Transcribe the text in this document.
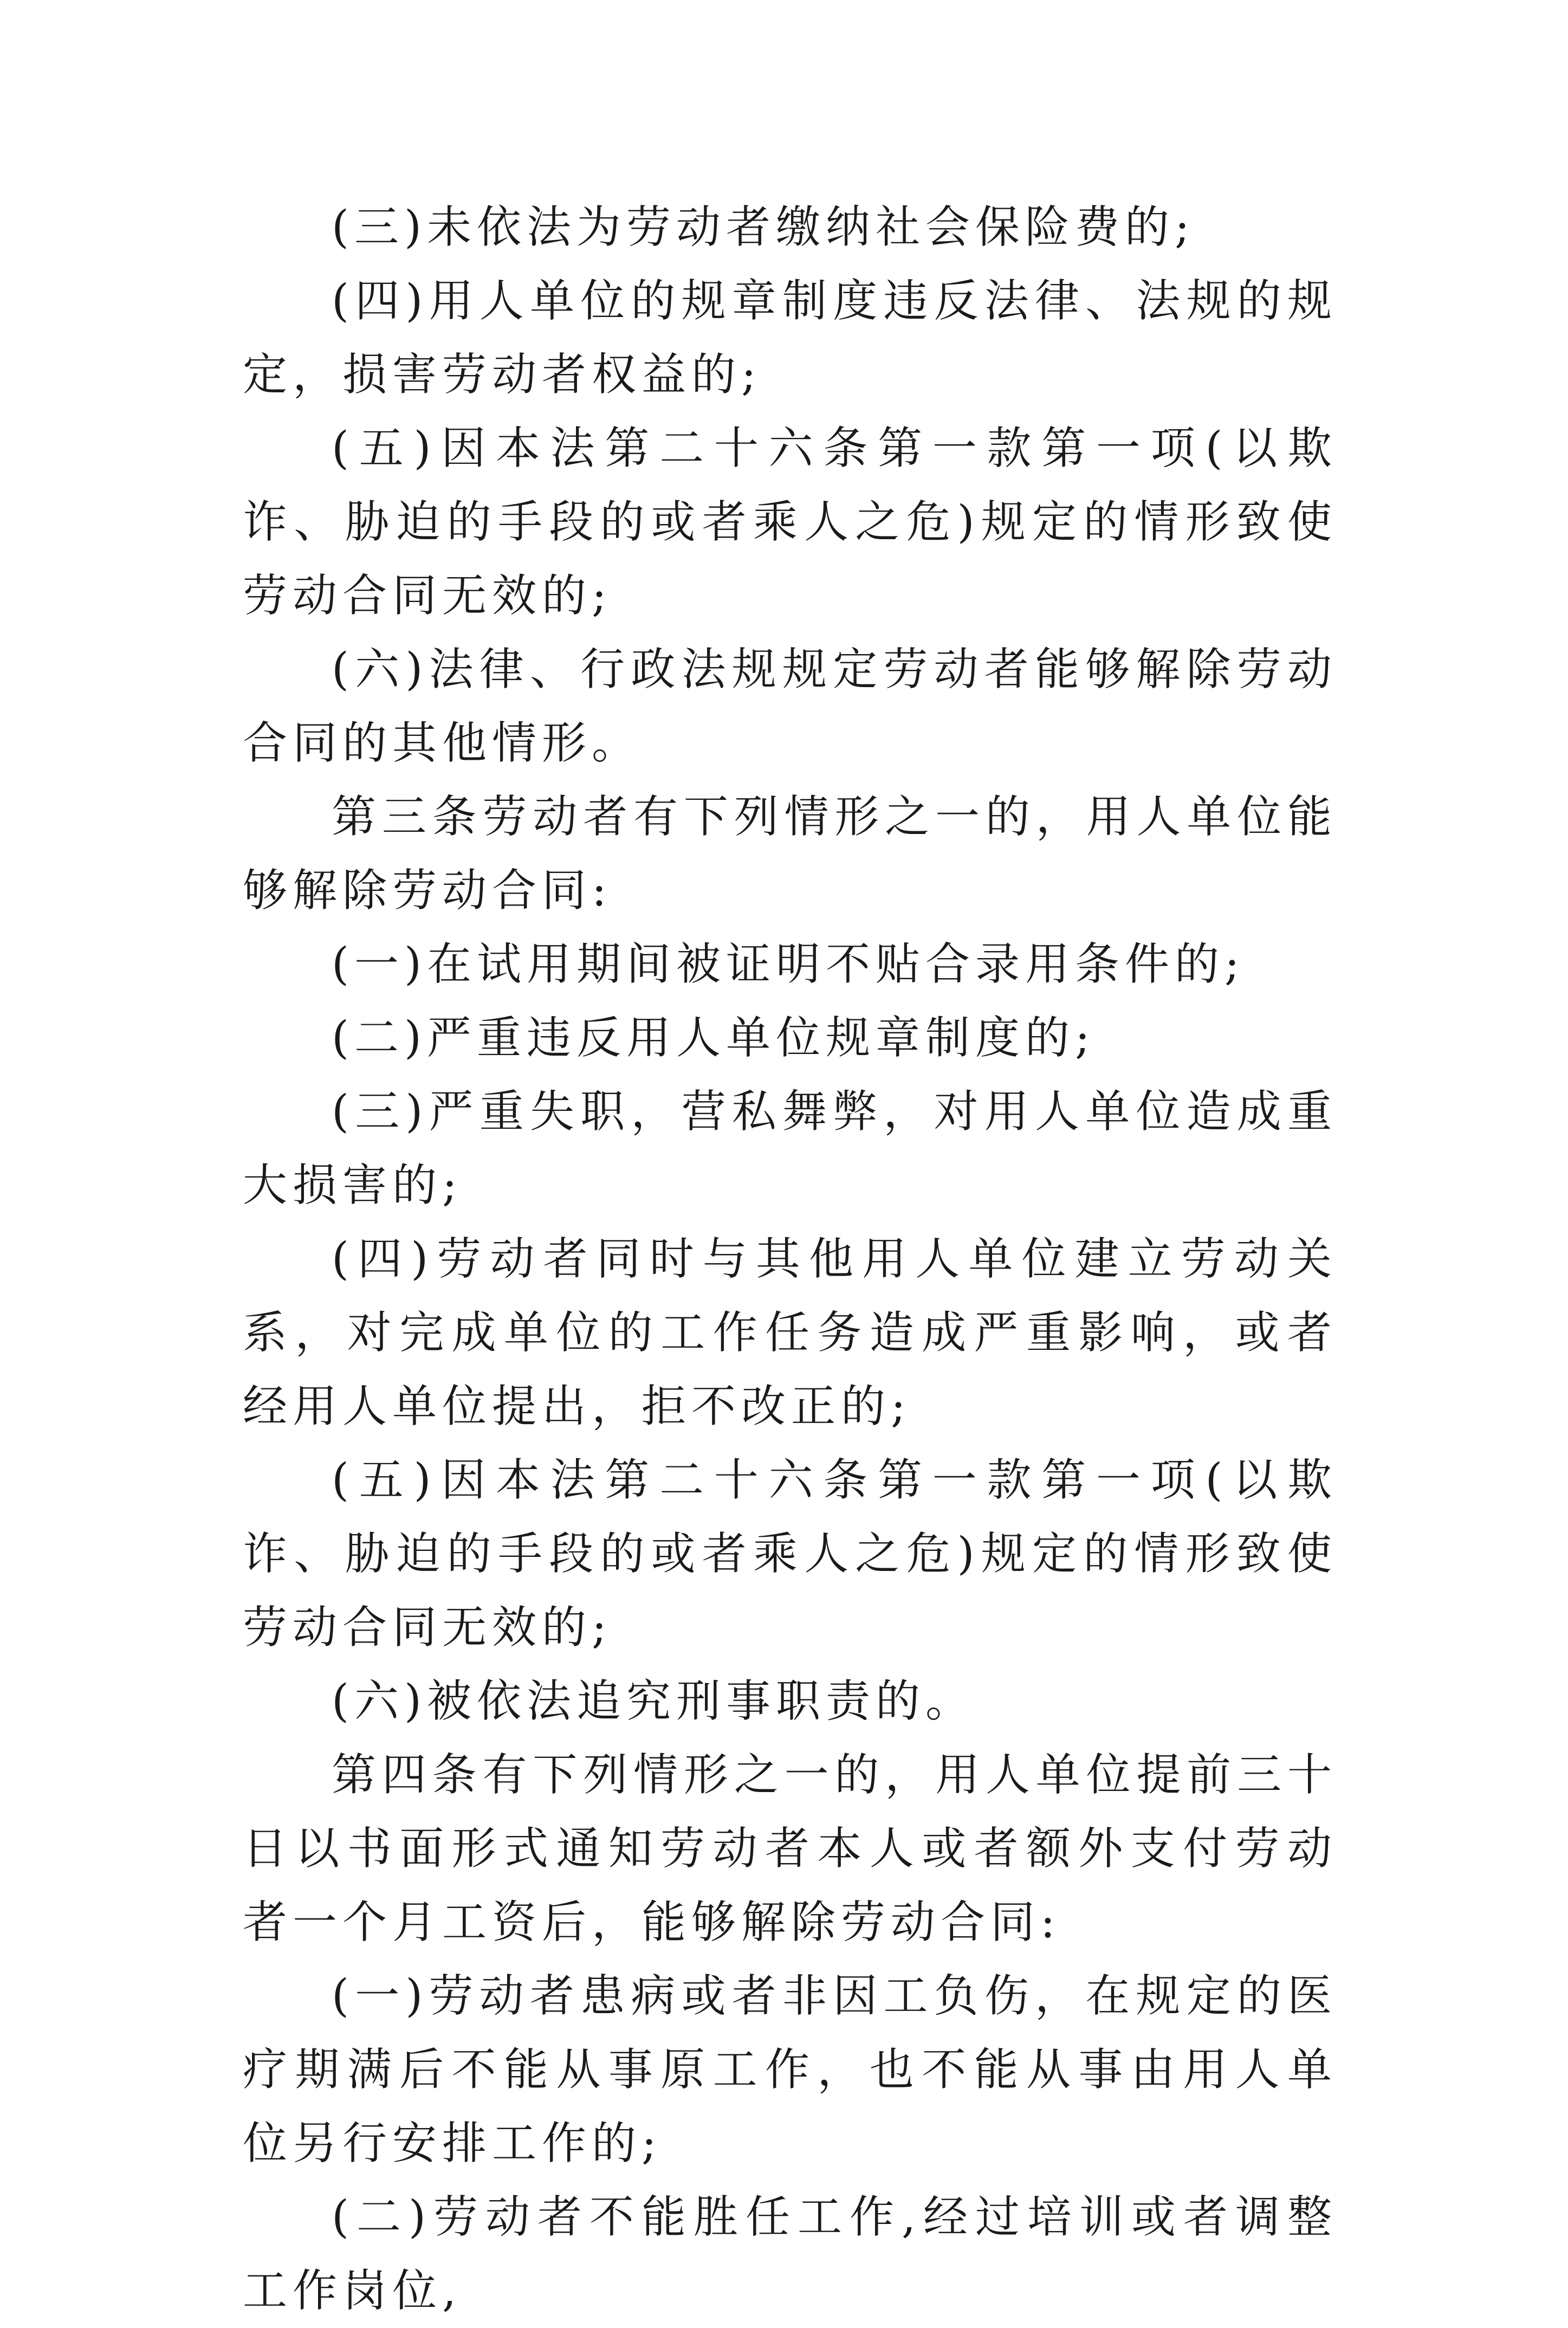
(三)未依法为劳动者缴纳社会保险费的;

(四)用人单位的规章制度违反法律、法规的规定，损害劳动者权益的;

(五)因本法第二十六条第一款第一项(以欺诈、胁迫的手段的或者乘人之危)规定的情形致使劳动合同无效的;

(六)法律、行政法规规定劳动者能够解除劳动合同的其他情形。

第三条劳动者有下列情形之一的，用人单位能够解除劳动合同:

(一)在试用期间被证明不贴合录用条件的;

(二)严重违反用人单位规章制度的;

(三)严重失职，营私舞弊，对用人单位造成重大损害的;

(四)劳动者同时与其他用人单位建立劳动关系，对完成单位的工作任务造成严重影响，或者经用人单位提出，拒不改正的;

(五)因本法第二十六条第一款第一项(以欺诈、胁迫的手段的或者乘人之危)规定的情形致使劳动合同无效的;

(六)被依法追究刑事职责的。

第四条有下列情形之一的，用人单位提前三十日以书面形式通知劳动者本人或者额外支付劳动者一个月工资后，能够解除劳动合同:

(一)劳动者患病或者非因工负伤，在规定的医疗期满后不能从事原工作，也不能从事由用人单位另行安排工作的;

(二)劳动者不能胜任工作,经过培训或者调整工作岗位,
